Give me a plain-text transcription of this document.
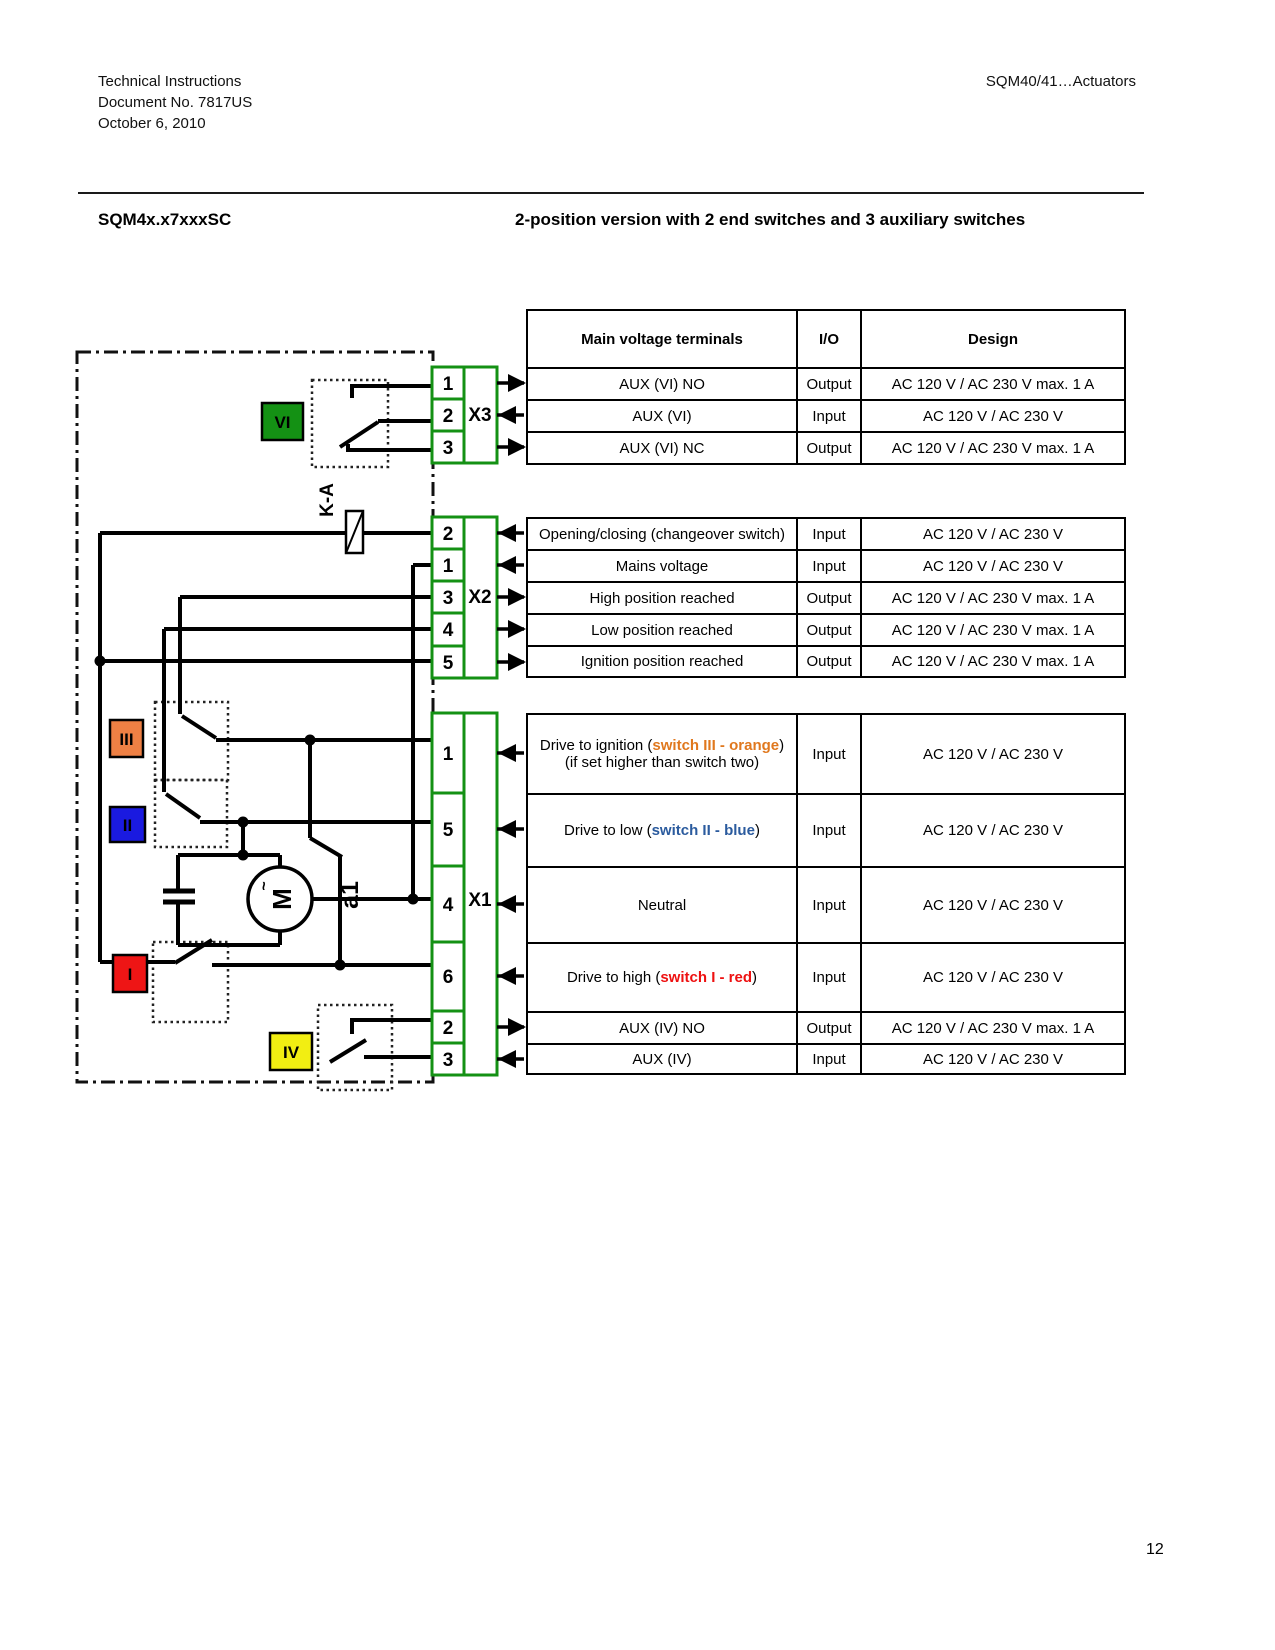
Technical Instructions
Document No. 7817US
October 6, 2010
SQM40/41…Actuators
SQM4x.x7xxxSC	2-position version with 2 end switches and 3 auxiliary switches
K-A
M
~	a1
VI
III
II
I
IV
1
2
3
X3
2
1
3
4
5
X2
1
5
4
6
2
3
X1
Main voltage terminals	I/O	Design
AUX (VI) NO	Output	AC 120 V / AC 230 V max. 1 A
AUX (VI)	Input	AC 120 V / AC 230 V
AUX (VI) NC	Output	AC 120 V / AC 230 V max. 1 A
Opening/closing (changeover switch)	Input	AC 120 V / AC 230 V
Mains voltage	Input	AC 120 V / AC 230 V
High position reached	Output	AC 120 V / AC 230 V max. 1 A
Low position reached	Output	AC 120 V / AC 230 V max. 1 A
Ignition position reached	Output	AC 120 V / AC 230 V max. 1 A
Drive to ignition (switch III - orange)
(if set higher than switch two)	Input	AC 120 V / AC 230 V
Drive to low (switch II - blue)	Input	AC 120 V / AC 230 V
Neutral	Input	AC 120 V / AC 230 V
Drive to high (switch I - red)	Input	AC 120 V / AC 230 V
AUX (IV) NO	Output	AC 120 V / AC 230 V max. 1 A
AUX (IV)	Input	AC 120 V / AC 230 V
12
